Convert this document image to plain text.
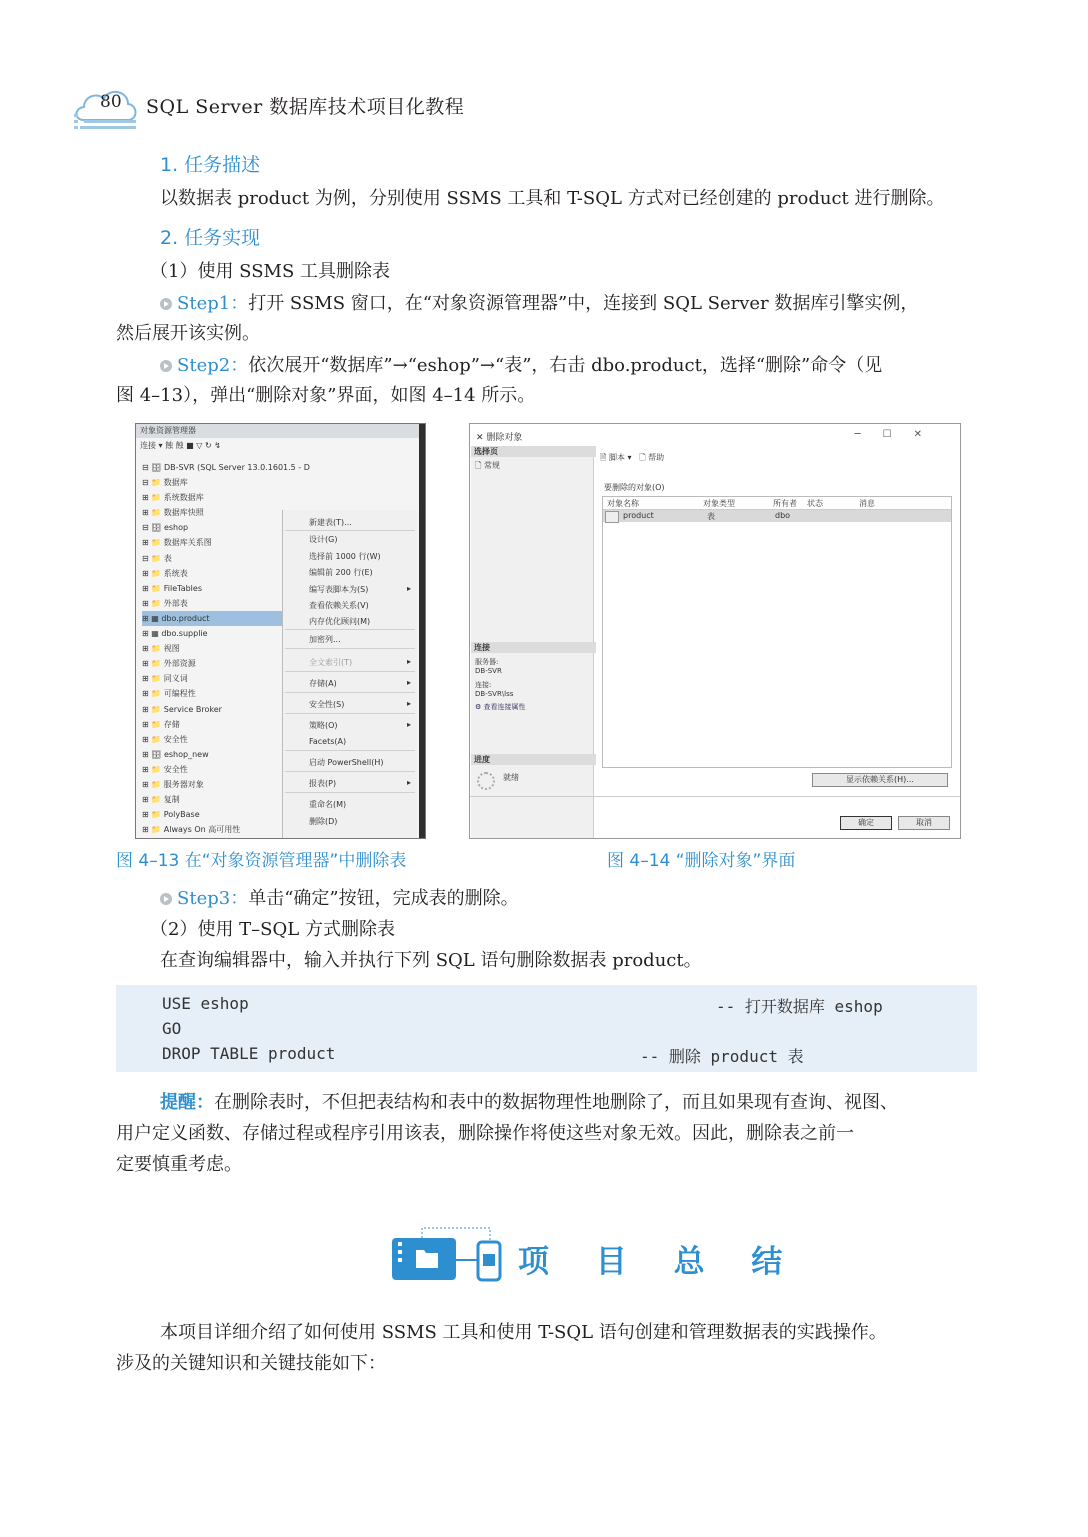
80 SQL Server 数据库技术项目化教程
1. 任务描述
以数据表 product 为例，分别使用 SSMS 工具和 T-SQL 方式对已经创建的 product 进行删除。
2. 任务实现
（1）使用 SSMS 工具删除表
Step1：打开 SSMS 窗口，在“对象资源管理器”中，连接到 SQL Server 数据库引擎实例，
然后展开该实例。
Step2：依次展开“数据库”→“eshop”→“表”，右击 dbo.product，选择“删除”命令（见
图 4–13），弹出“删除对象”界面，如图 4–14 所示。
对象资源管理器
连接 ▾ 蝕 蝕 ■ ▽ ↻ ↯
⊟ 🗄 DB-SVR (SQL Server 13.0.1601.5 - D
⊟ 📁 数据库
⊞ 📁 系统数据库
⊞ 📁 数据库快照
⊟ 🗄 eshop
⊞ 📁 数据库关系图
⊟ 📁 表
⊞ 📁 系统表
⊞ 📁 FileTables
⊞ 📁 外部表
⊞ ▦ dbo.product
⊞ ▦ dbo.supplie
⊞ 📁 视图
⊞ 📁 外部资源
⊞ 📁 同义词
⊞ 📁 可编程性
⊞ 📁 Service Broker
⊞ 📁 存储
⊞ 📁 安全性
⊞ 🗄 eshop_new
⊞ 📁 安全性
⊞ 📁 服务器对象
⊞ 📁 复制
⊞ 📁 PolyBase
⊞ 📁 Always On 高可用性
新建表(T)...
设计(G)
选择前 1000 行(W)
编辑前 200 行(E)
编写表脚本为(S)	▸
查看依赖关系(V)
内存优化顾问(M)
加密列...
全文索引(T)	▸
存储(A)	▸
安全性(S)	▸
策略(O)	▸
Facets(A)
启动 PowerShell(H)
报表(P)	▸
重命名(M)
删除(D)
✕ 删除对象	─☐✕
选择页
🗋 常规
连接
服务器:
DB-SVR
连接:
DB-SVR\lss
⚙ 查看连接属性
进度
就绪
🗎 脚本 ▾ 🗋 帮助
要删除的对象(O)
对象名称	对象类型	所有者 状态	消息
product	表	dbo
显示依赖关系(H)...
确定	取消
图 4–13 在“对象资源管理器”中删除表	图 4–14 “删除对象”界面
Step3：单击“确定”按钮，完成表的删除。
（2）使用 T–SQL 方式删除表
在查询编辑器中，输入并执行下列 SQL 语句删除数据表 product。
USE eshop	-- 打开数据库 eshop
GO
DROP TABLE product	-- 删除 product 表
提醒：在删除表时，不但把表结构和表中的数据物理性地删除了，而且如果现有查询、视图、
用户定义函数、存储过程或程序引用该表，删除操作将使这些对象无效。因此，删除表之前一
定要慎重考虑。
项 目 总 结
本项目详细介绍了如何使用 SSMS 工具和使用 T-SQL 语句创建和管理数据表的实践操作。
涉及的关键知识和关键技能如下：
